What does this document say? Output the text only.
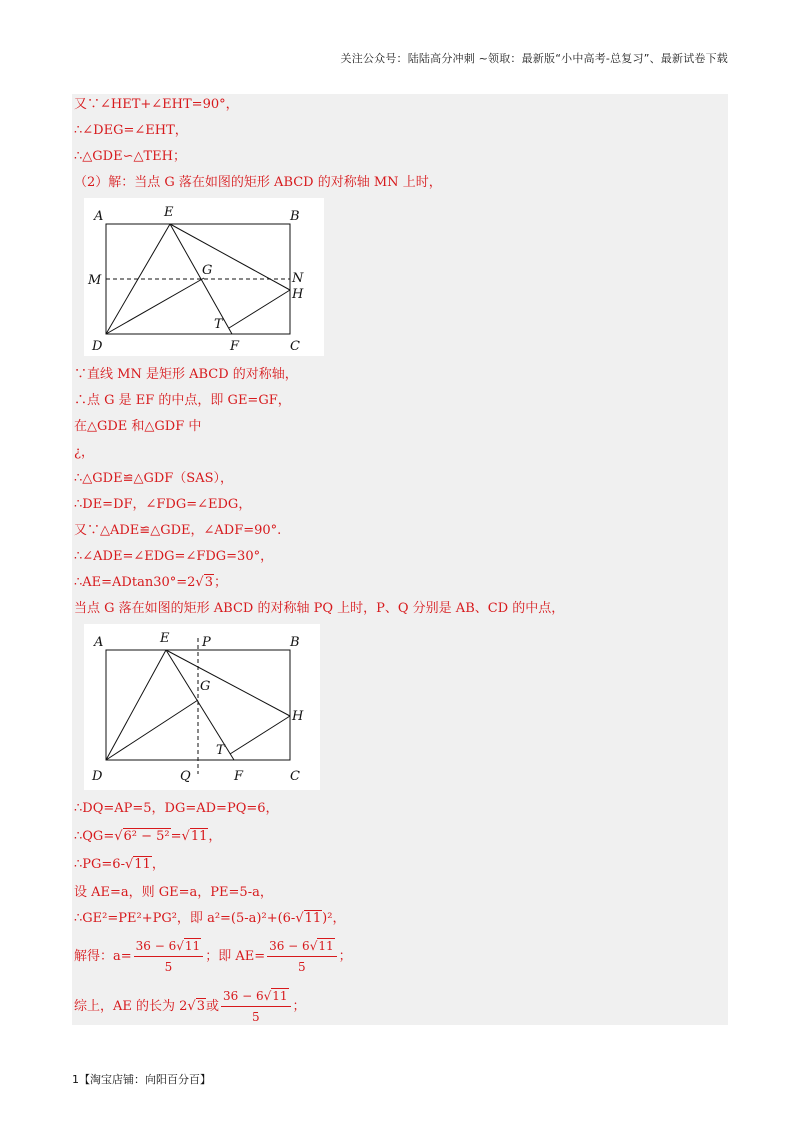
关注公众号：陆陆高分冲刺 ~领取：最新版“小中高考-总复习”、最新试卷下载
又∵∠HET+∠EHT=90°，
∴∠DEG=∠EHT，
∴△GDE∽△TEH；
（2）解：当点 G 落在如图的矩形 ABCD 的对称轴 MN 上时，
A	E	B
M
G
N
H
T
D	F	C
∵直线 MN 是矩形 ABCD 的对称轴，
∴点 G 是 EF 的中点，即 GE=GF，
在△GDE 和△GDF 中
¿，
∴△GDE≌△GDF（SAS），
∴DE=DF，∠FDG=∠EDG，
又∵△ADE≌△GDE，∠ADF=90°.
∴∠ADE=∠EDG=∠FDG=30°，
∴AE=ADtan30°=2√3；
当点 G 落在如图的矩形 ABCD 的对称轴 PQ 上时，P、Q 分别是 AB、CD 的中点，
A	E	P	B
G
H
T
D	Q	F	C
∴DQ=AP=5，DG=AD=PQ=6，
∴QG=√6² − 5²=√11，
∴PG=6-√11，
设 AE=a，则 GE=a，PE=5-a，
∴GE²=PE²+PG²，即 a²=(5-a)²+(6-√11)²，
解得：$a= \frac{36 - 6√11}{5}$ ；即 $AE= \frac{36 - 6√11}{5}$ ；
综上，AE 的长为 2√3或 $\frac{36 - 6√11}{5}$ ；
1【淘宝店铺：向阳百分百】
